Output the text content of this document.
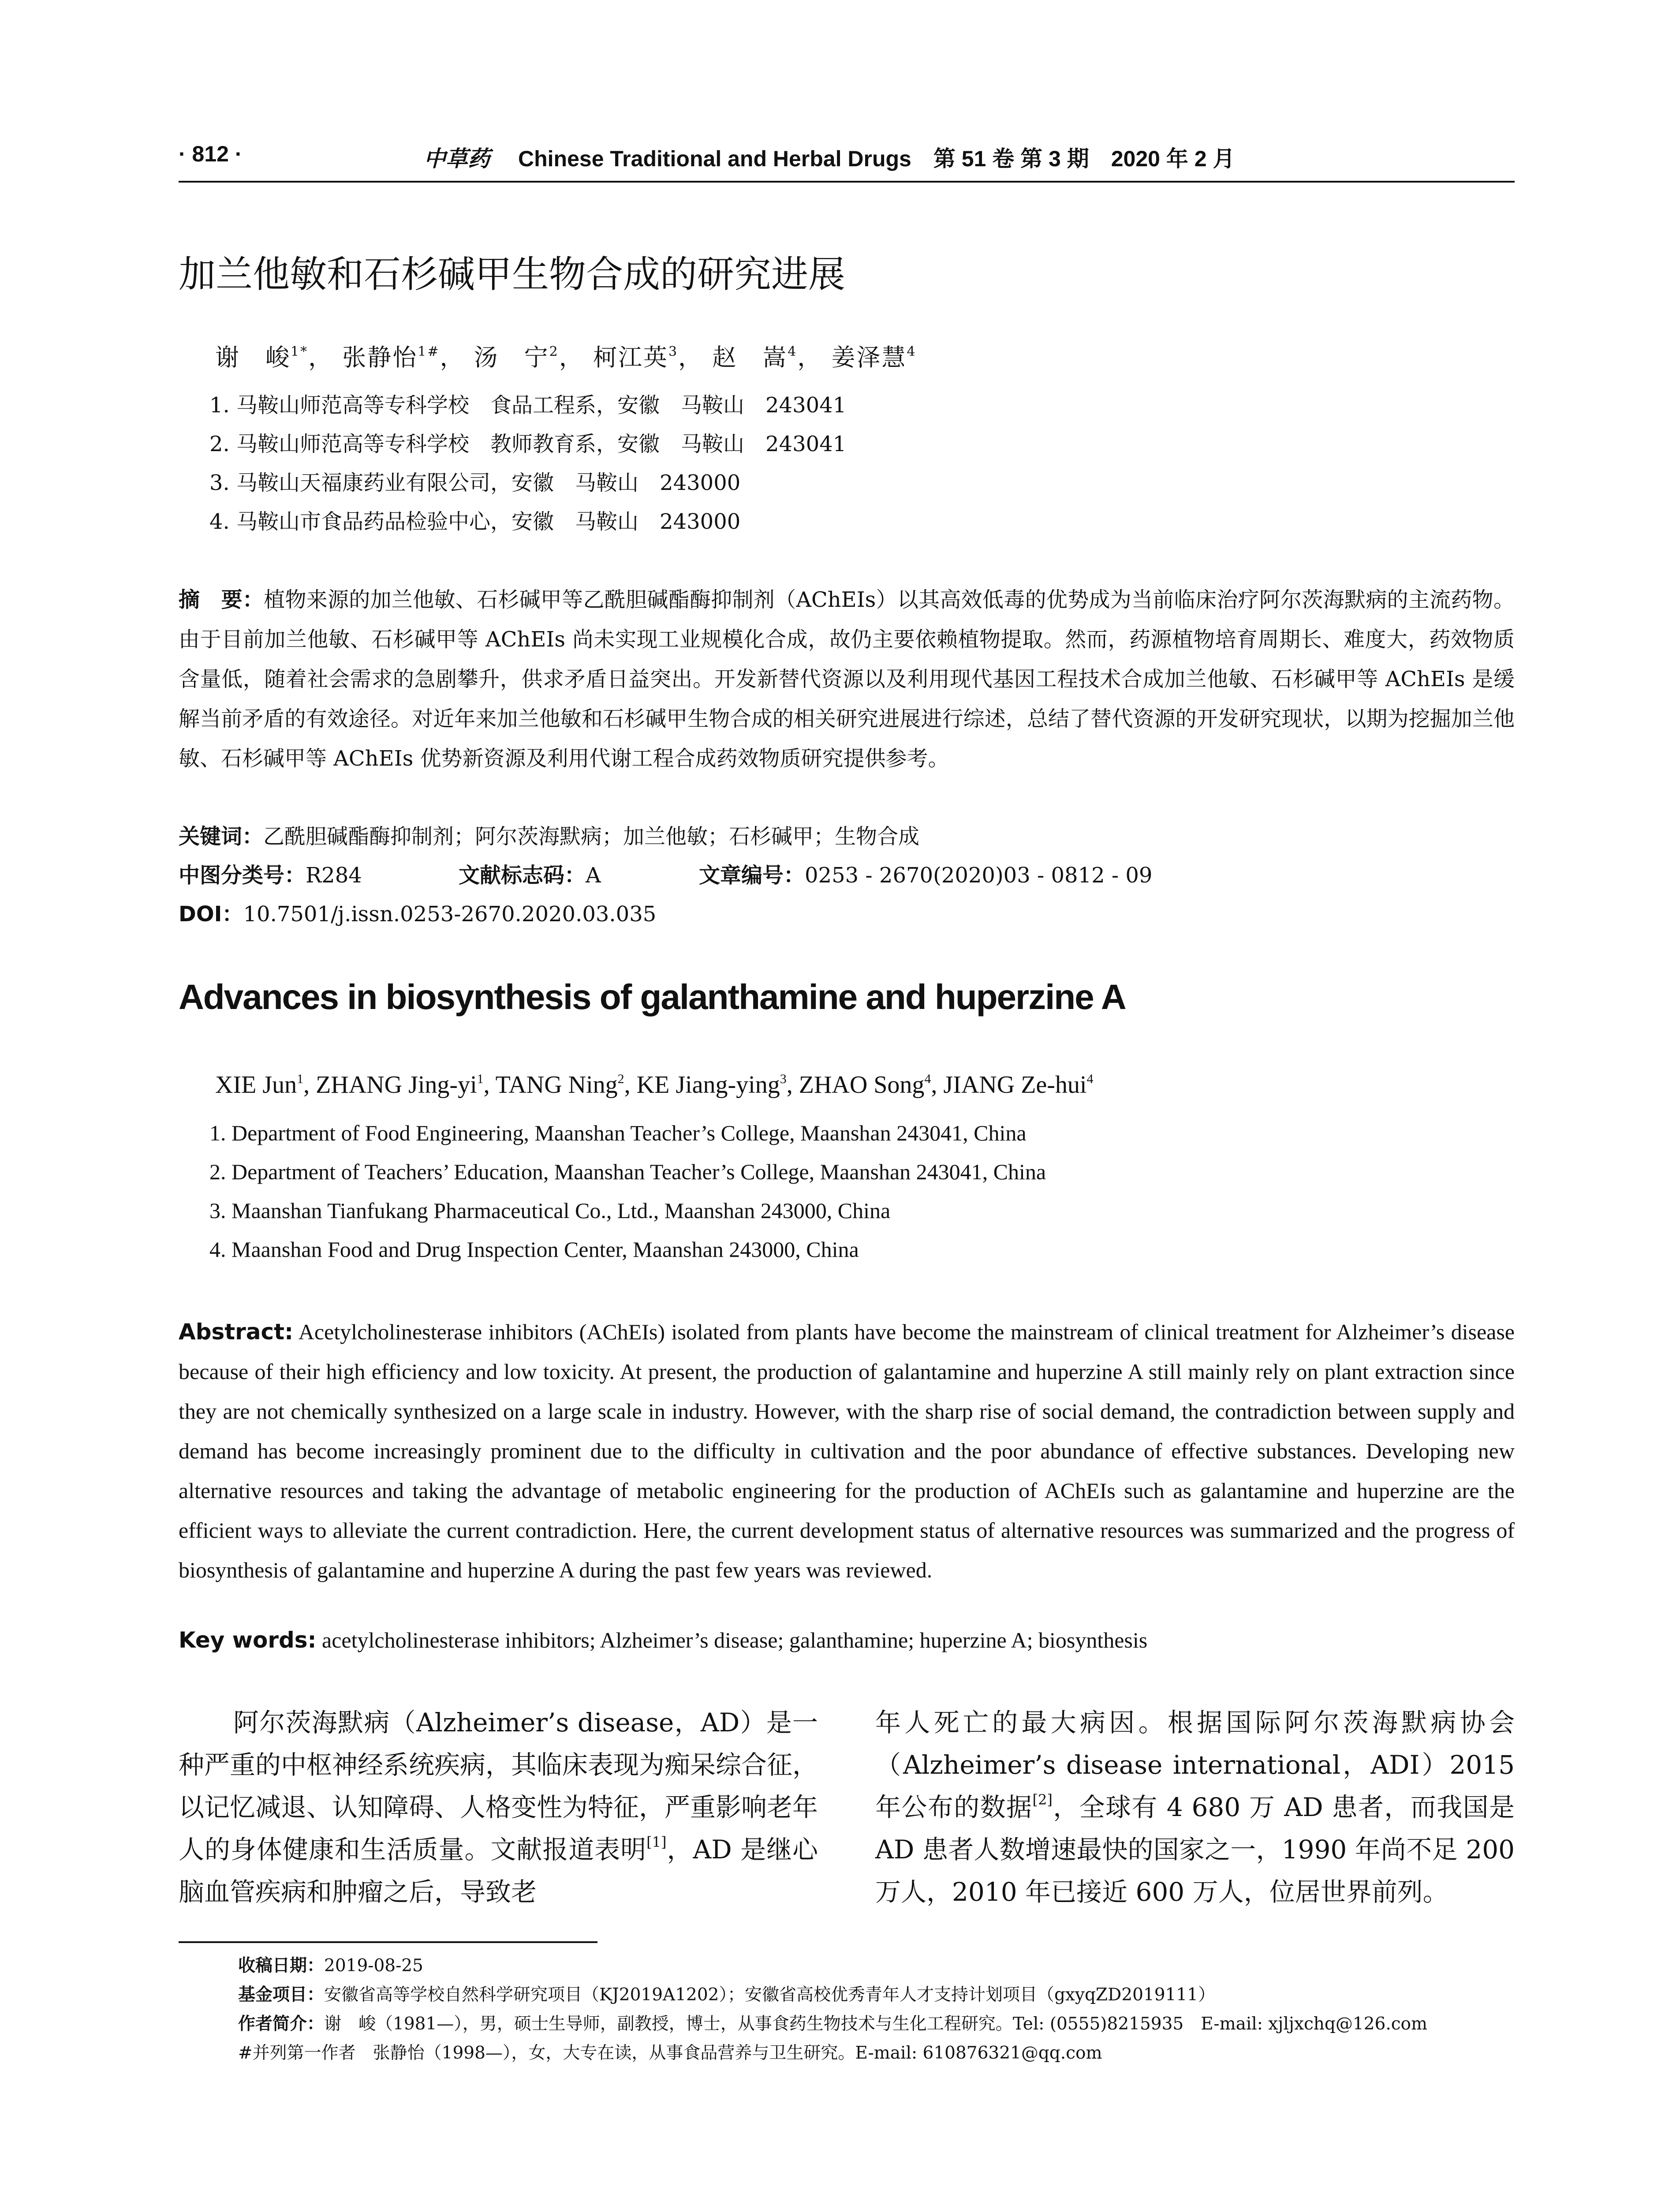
· 812 ·	中草药 Chinese Traditional and Herbal Drugs　第 51 卷 第 3 期　2020 年 2 月
加兰他敏和石杉碱甲生物合成的研究进展
谢　峻$^{1*}$， 张静怡$^{1\#}$， 汤　宁$^2$， 柯江英$^3$， 赵　嵩$^4$， 姜泽慧$^4$
1. 马鞍山师范高等专科学校　食品工程系，安徽　马鞍山　243041
2. 马鞍山师范高等专科学校　教师教育系，安徽　马鞍山　243041
3. 马鞍山天福康药业有限公司，安徽　马鞍山　243000
4. 马鞍山市食品药品检验中心，安徽　马鞍山　243000
摘　要：植物来源的加兰他敏、石杉碱甲等乙酰胆碱酯酶抑制剂（AChEIs）以其高效低毒的优势成为当前临床治疗阿尔茨海默病的主流药物。由于目前加兰他敏、石杉碱甲等 AChEIs 尚未实现工业规模化合成，故仍主要依赖植物提取。然而，药源植物培育周期长、难度大，药效物质含量低，随着社会需求的急剧攀升，供求矛盾日益突出。开发新替代资源以及利用现代基因工程技术合成加兰他敏、石杉碱甲等 AChEIs 是缓解当前矛盾的有效途径。对近年来加兰他敏和石杉碱甲生物合成的相关研究进展进行综述，总结了替代资源的开发研究现状，以期为挖掘加兰他敏、石杉碱甲等 AChEIs 优势新资源及利用代谢工程合成药效物质研究提供参考。
关键词：乙酰胆碱酯酶抑制剂；阿尔茨海默病；加兰他敏；石杉碱甲；生物合成
中图分类号：R284	文献标志码：A	文章编号：0253 - 2670(2020)03 - 0812 - 09
DOI：10.7501/j.issn.0253-2670.2020.03.035
Advances in biosynthesis of galanthamine and huperzine A
XIE Jun$^1$, ZHANG Jing-$yi^1$, TANG Ning$^2$, KE Jiang-ying$^3$, ZHAO Song$^4$, JIANG Ze-hui$^4$
1. Department of Food Engineering, Maanshan Teacher’s College, Maanshan 243041, China
2. Department of Teachers’ Education, Maanshan Teacher’s College, Maanshan 243041, China
3. Maanshan Tianfukang Pharmaceutical Co., Ltd., Maanshan 243000, China
4. Maanshan Food and Drug Inspection Center, Maanshan 243000, China
Abstract: Acetylcholinesterase inhibitors (AChEIs) isolated from plants have become the mainstream of clinical treatment for Alzheimer’s disease because of their high efficiency and low toxicity. At present, the production of galantamine and huperzine A still mainly rely on plant extraction since they are not chemically synthesized on a large scale in industry. However, with the sharp rise of social demand, the contradiction between supply and demand has become increasingly prominent due to the difficulty in cultivation and the poor abundance of effective substances. Developing new alternative resources and taking the advantage of metabolic engineering for the production of AChEIs such as galantamine and huperzine are the efficient ways to alleviate the current contradiction. Here, the current development status of alternative resources was summarized and the progress of biosynthesis of galantamine and huperzine A during the past few years was reviewed.
Key words: acetylcholinesterase inhibitors; Alzheimer’s disease; galanthamine; huperzine A; biosynthesis
阿尔茨海默病（Alzheimer’s disease，AD）是一种严重的中枢神经系统疾病，其临床表现为痴呆综合征，以记忆减退、认知障碍、人格变性为特征，严重影响老年人的身体健康和生活质量。文献报道表明[1]，AD 是继心脑血管疾病和肿瘤之后，导致老
年人死亡的最大病因。根据国际阿尔茨海默病协会（Alzheimer’s disease international，ADI）2015 年公布的数据[2]，全球有 4 680 万 AD 患者，而我国是 AD 患者人数增速最快的国家之一，1990 年尚不足 200 万人，2010 年已接近 600 万人，位居世界前列。
收稿日期：2019-08-25
基金项目：安徽省高等学校自然科学研究项目（KJ2019A1202）；安徽省高校优秀青年人才支持计划项目（gxyqZD2019111）
作者简介：谢　峻（1981—），男，硕士生导师，副教授，博士，从事食药生物技术与生化工程研究。Tel: (0555)8215935　E-mail: xjljxchq@126.com
#并列第一作者　张静怡（1998—），女，大专在读，从事食品营养与卫生研究。E-mail: 610876321@qq.com
